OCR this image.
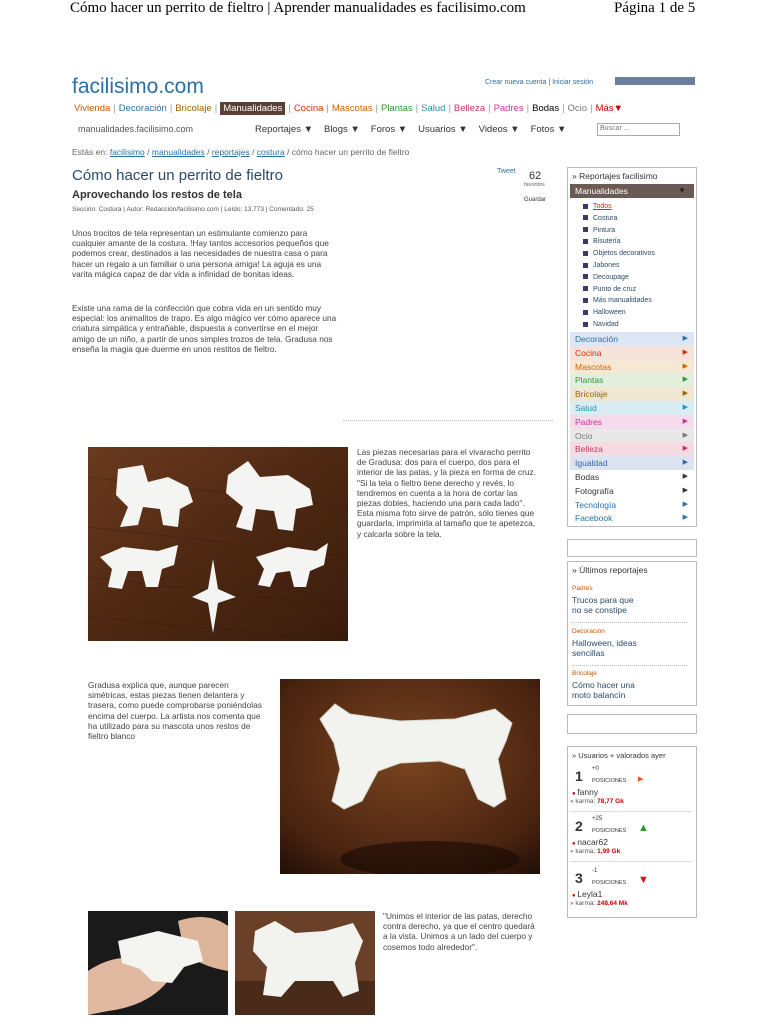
Cómo hacer un perrito de fieltro | Aprender manualidades es facilisimo.com	Página 1 de 5
facilisimo.com	Crear nueva cuenta | Iniciar sesión
Vivienda | Decoración | Bricolaje | Manualidades | Cocina | Mascotas | Plantas | Salud | Belleza | Padres | Bodas | Ocio | Más▼
manualidades.facilisimo.com	Reportajes ▼ Blogs ▼ Foros ▼ Usuarios ▼ Videos ▼ Fotos ▼	Buscar ...
Estás en: facilisimo / manualidades / reportajes / costura / cómo hacer un perrito de fieltro
Cómo hacer un perrito de fieltro
Aprovechando los restos de tela
Sección: Costura | Autor: Redacción/facilisimo.com | Leído: 13.773 | Comentado: 25
Tweet 62
favoritos
Guardar
Unos trocitos de tela representan un estimulante comienzo para cualquier amante de la costura. !Hay tantos accesorios pequeños que podemos crear, destinados a las necesidades de nuestra casa o para hacer un regalo a un familiar o una persona amiga! La aguja es una varita mágica capaz de dar vida a infinidad de bonitas ideas.
Existe una rama de la confección que cobra vida en un sentido muy especial: los animalitos de trapo. Es algo mágico ver cómo aparece una criatura simpática y entrañable, dispuesta a convertirse en el mejor amigo de un niño, a partir de unos simples trozos de tela. Gradusa nos enseña la magia que duerme en unos restitos de fieltro.
Las piezas necesarias para el vivaracho perrito de Gradusa: dos para el cuerpo, dos para el interior de las patas, y la pieza en forma de cruz. "Si la tela o fieltro tiene derecho y revés, lo tendremos en cuenta a la hora de cortar las piezas dobles, haciendo una para cada lado".
Esta misma foto sirve de patrón, sólo tienes que guardarla, imprimirla al tamaño que te apetezca, y calcarla sobre la tela.
Gradusa explica que, aunque parecen simétricas, estas piezas tienen delantera y trasera, como puede comprobarse poniéndolas encima del cuerpo. La artista nos comenta que ha utilizado para su mascota unos restos de fieltro blanco
"Unimos el interior de las patas, derecho contra derecho, ya que el centro quedará a la vista. Unimos a un lado del cuerpo y cosemos todo alrededor".
» Reportajes facilisimo
Manualidades	▼
Todos
Costura
Pintura
Bisutería
Objetos decorativos
Jabones
Decoupage
Punto de cruz
Más manualidades
Halloween
Navidad
Decoración	▶
Cocina	▶
Mascotas	▶
Plantas	▶
Bricolaje	▶
Salud	▶
Padres	▶
Ocio	▶
Belleza	▶
Igualdad	▶
Bodas	▶
Fotografía	▶
Tecnología	▶
Facebook	▶
» Últimos reportajes
Padres
Trucos para que no se constipe
Decoración
Halloween, ideas sencillas
Bricolaje
Cómo hacer una moto balancín
» Usuarios + valorados ayer
1 +0
POSICIONES ▸
● fanny
» karma: 78,77 Gk
2 +25
POSICIONES ▲
● nacar62
» karma: 1,99 Gk
3 -1
POSICIONES ▼
● Leyla1
» karma: 248,64 Mk
